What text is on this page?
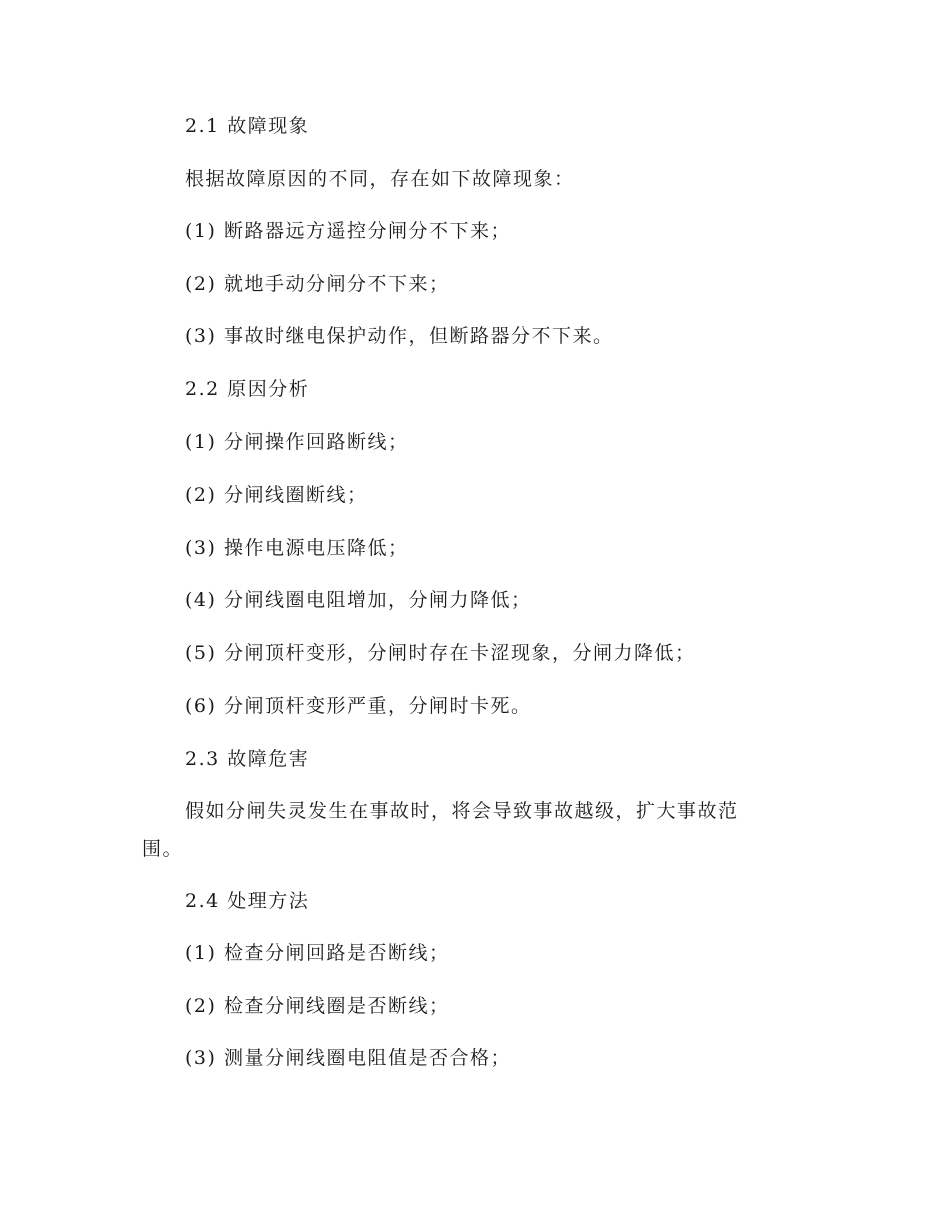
2.1 故障现象
根据故障原因的不同，存在如下故障现象：
(1) 断路器远方遥控分闸分不下来；
(2) 就地手动分闸分不下来；
(3) 事故时继电保护动作，但断路器分不下来。
2.2 原因分析
(1) 分闸操作回路断线；
(2) 分闸线圈断线；
(3) 操作电源电压降低；
(4) 分闸线圈电阻增加，分闸力降低；
(5) 分闸顶杆变形，分闸时存在卡涩现象，分闸力降低；
(6) 分闸顶杆变形严重，分闸时卡死。
2.3 故障危害
假如分闸失灵发生在事故时，将会导致事故越级，扩大事故范
围。
2.4 处理方法
(1) 检查分闸回路是否断线；
(2) 检查分闸线圈是否断线；
(3) 测量分闸线圈电阻值是否合格；
